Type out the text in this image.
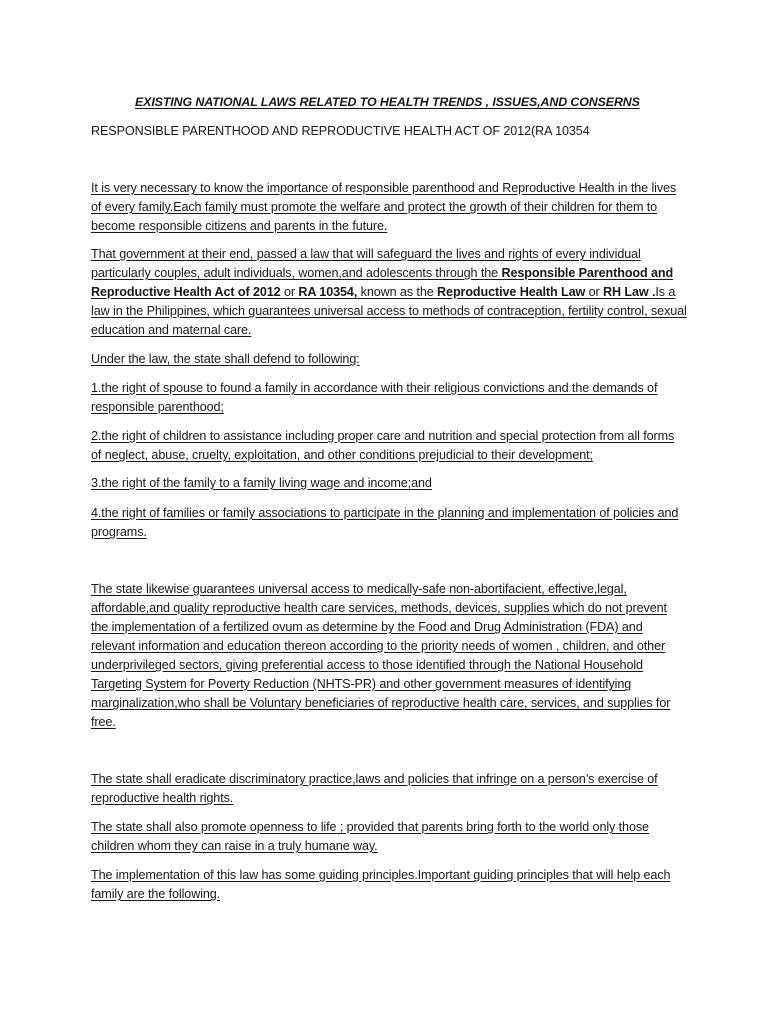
EXISTING NATIONAL LAWS RELATED TO HEALTH TRENDS , ISSUES,AND CONSERNS

RESPONSIBLE PARENTHOOD AND REPRODUCTIVE HEALTH ACT OF 2012(RA 10354

It is very necessary to know the importance of responsible parenthood and Reproductive Health in the lives of every family.Each family must promote the welfare and protect the growth of their children for them to become responsible citizens and parents in the future.

That government at their end, passed a law that will safeguard the lives and rights of every individual particularly couples, adult individuals, women,and adolescents through the Responsible Parenthood and Reproductive Health Act of 2012 or RA 10354, known as the Reproductive Health Law or RH Law .Is a law in the Philippines, which guarantees universal access to methods of contraception, fertility control, sexual education and maternal care.

Under the law, the state shall defend to following:

1.the right of spouse to found a family in accordance with their religious convictions and the demands of responsible parenthood;

2.the right of children to assistance including proper care and nutrition and special protection from all forms of neglect, abuse, cruelty, exploitation, and other conditions prejudicial to their development;

3.the right of the family to a family living wage and income;and

4.the right of families or family associations to participate in the planning and implementation of policies and programs.

The state likewise guarantees universal access to medically-safe non-abortifacient, effective,legal, affordable,and quality reproductive health care services, methods, devices, supplies which do not prevent the implementation of a fertilized ovum as determine by the Food and Drug Administration (FDA) and relevant information and education thereon according to the priority needs of women , children, and other underprivileged sectors, giving preferential access to those identified through the National Household Targeting System for Poverty Reduction (NHTS-PR) and other government measures of identifying marginalization,who shall be Voluntary beneficiaries of reproductive health care, services, and supplies for free.

The state shall eradicate discriminatory practice,laws and policies that infringe on a person’s exercise of reproductive health rights.

The state shall also promote openness to life ; provided that parents bring forth to the world only those children whom they can raise in a truly humane way.

The implementation of this law has some guiding principles.Important guiding principles that will help each family are the following.
